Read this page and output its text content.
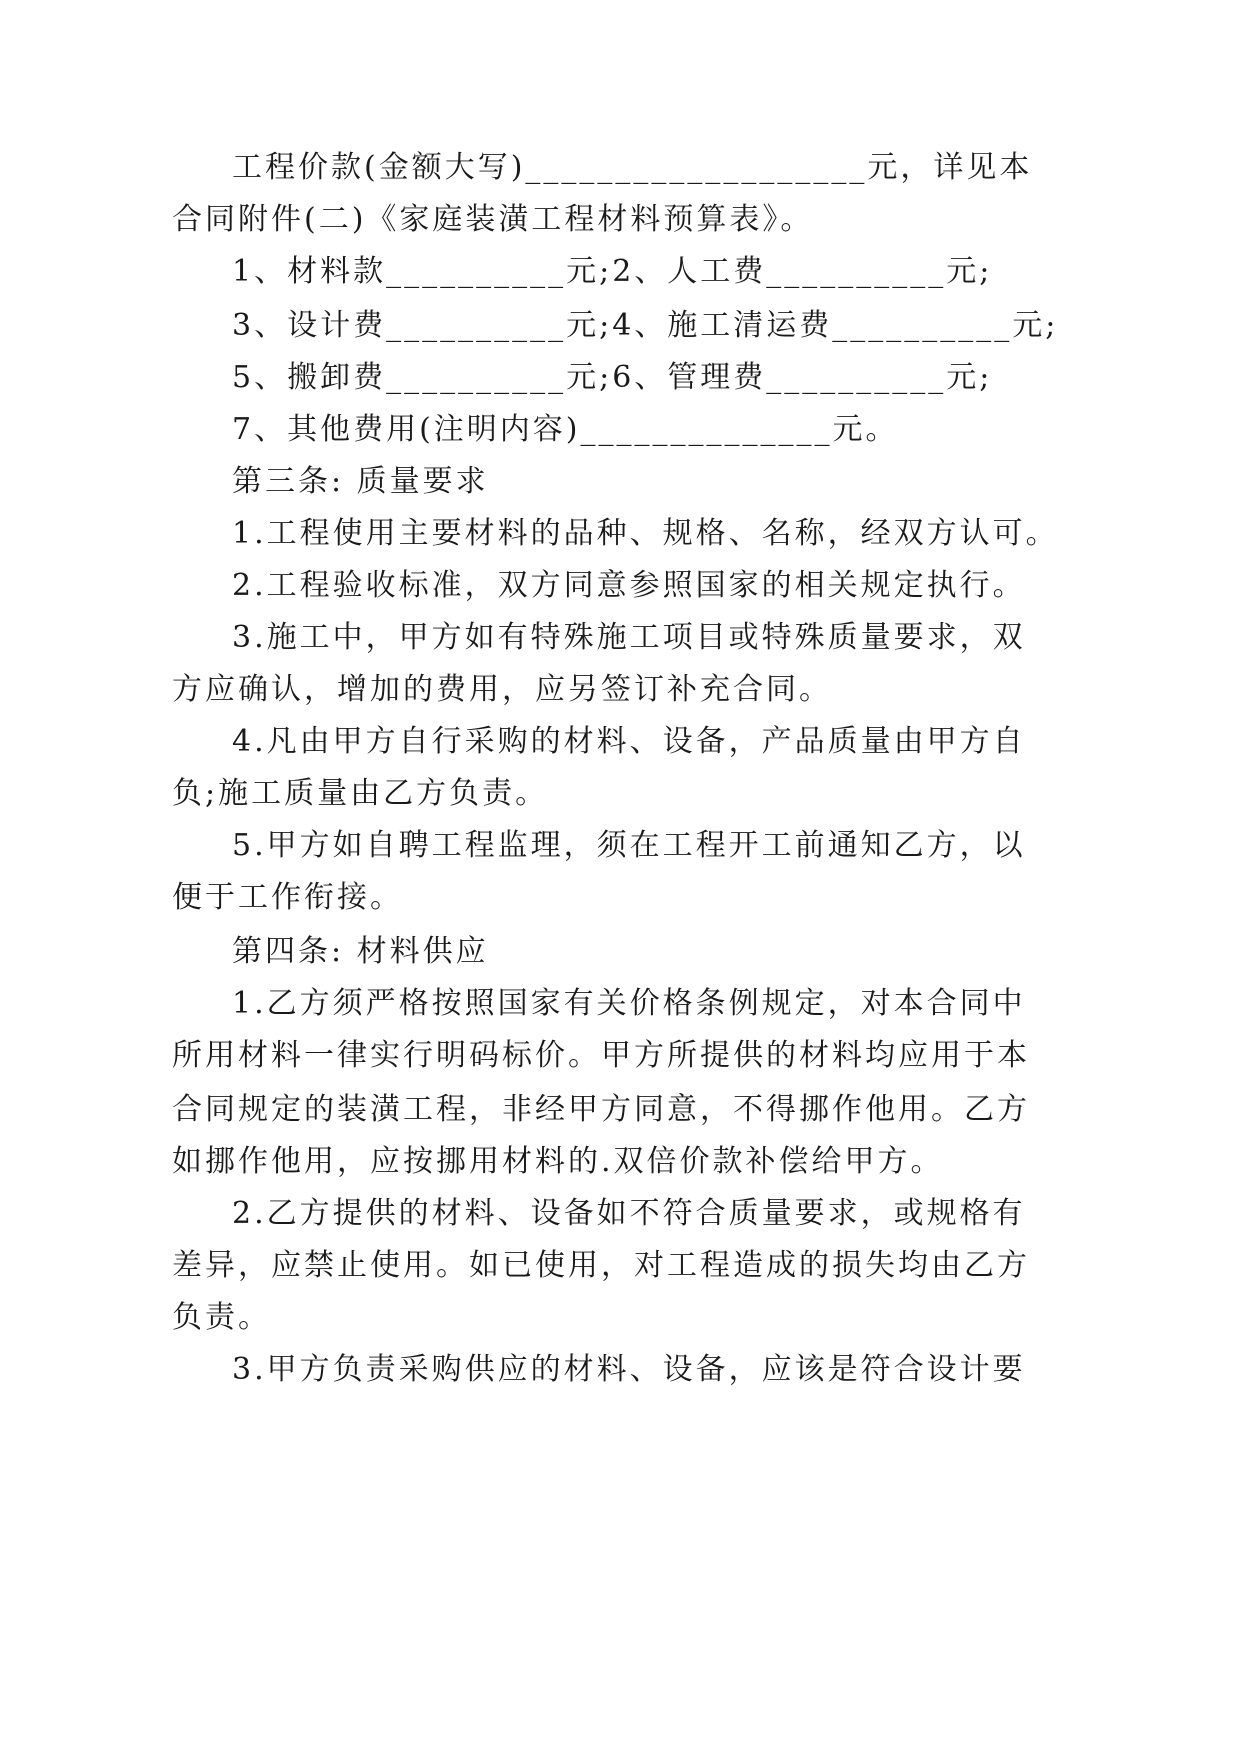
工程价款(金额大写)___________________元，详见本
合同附件(二)《家庭装潢工程材料预算表》。
1、材料款__________元;2、人工费__________元;
3、设计费__________元;4、施工清运费__________元;
5、搬卸费__________元;6、管理费__________元;
7、其他费用(注明内容)______________元。
第三条: 质量要求
1.工程使用主要材料的品种、规格、名称，经双方认可。
2.工程验收标准，双方同意参照国家的相关规定执行。
3.施工中，甲方如有特殊施工项目或特殊质量要求，双
方应确认，增加的费用，应另签订补充合同。
4.凡由甲方自行采购的材料、设备，产品质量由甲方自
负;施工质量由乙方负责。
5.甲方如自聘工程监理，须在工程开工前通知乙方，以
便于工作衔接。
第四条: 材料供应
1.乙方须严格按照国家有关价格条例规定，对本合同中
所用材料一律实行明码标价。甲方所提供的材料均应用于本
合同规定的装潢工程，非经甲方同意，不得挪作他用。乙方
如挪作他用，应按挪用材料的.双倍价款补偿给甲方。
2.乙方提供的材料、设备如不符合质量要求，或规格有
差异，应禁止使用。如已使用，对工程造成的损失均由乙方
负责。
3.甲方负责采购供应的材料、设备，应该是符合设计要
